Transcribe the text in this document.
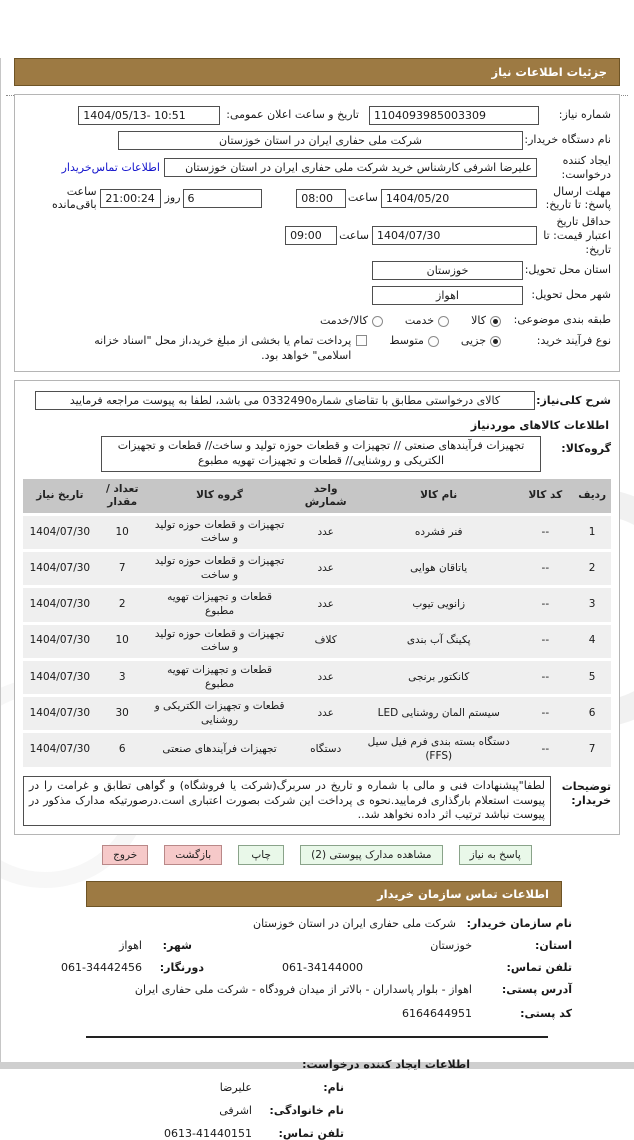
جزئیات اطلاعات نیاز
شماره نیاز:
1104093985003309
تاریخ و ساعت اعلان عمومی:
1404/05/13- 10:51
نام دستگاه خریدار:
شرکت ملی حفاری ایران در استان خوزستان
ایجاد کننده درخواست:
علیرضا اشرفی کارشناس خرید شرکت ملی حفاری ایران در استان خوزستان
اطلاعات تماس‌خریدار
مهلت ارسال پاسخ: تا تاریخ:
1404/05/20
ساعت
08:00
6
روز
21:00:24
ساعت باقی‌مانده
حداقل تاریخ اعتبار قیمت: تا تاریخ:
1404/07/30
ساعت
09:00
استان محل تحویل:
خوزستان
شهر محل تحویل:
اهواز
طبقه بندی موضوعی:
کالا
خدمت
کالا/خدمت
نوع فرآیند خرید:
جزیی
متوسط
پرداخت تمام یا بخشی از مبلغ خرید،از محل "اسناد خزانه اسلامی" خواهد بود.
شرح کلی‌نیاز:
کالای درخواستی مطابق با تقاضای شماره0332490 می باشد، لطفا به پیوست مراجعه فرمایید
اطلاعات کالاهای موردنیاز
گروه‌کالا:
تجهیزات فرآیندهای صنعتی // تجهیزات و قطعات حوزه تولید و ساخت// قطعات و تجهیزات الکتریکی و روشنایی// قطعات و تجهیزات تهویه مطبوع
ردیف	کد کالا	نام کالا	واحد شمارش	گروه کالا	تعداد / مقدار	تاریخ نیاز
1	--	فنر فشرده	عدد	تجهیزات و قطعات حوزه تولید و ساخت	10	1404/07/30
2	--	یاتاقان هوایی	عدد	تجهیزات و قطعات حوزه تولید و ساخت	7	1404/07/30
3	--	زانویی تیوب	عدد	قطعات و تجهیزات تهویه مطبوع	2	1404/07/30
4	--	پکینگ آب بندی	کلاف	تجهیزات و قطعات حوزه تولید و ساخت	10	1404/07/30
5	--	کانکتور برنجی	عدد	قطعات و تجهیزات تهویه مطبوع	3	1404/07/30
6	--	سیستم المان روشنایی LED	عدد	قطعات و تجهیزات الکتریکی و روشنایی	30	1404/07/30
7	--	دستگاه بسته بندی فرم فیل سیل (FFS)	دستگاه	تجهیزات فرآیندهای صنعتی	6	1404/07/30
توضیحات خریدار:
لطفا"پیشنهادات فنی و مالی با شماره و تاریخ در سربرگ(شرکت یا فروشگاه) و گواهی تطابق و غرامت را در پیوست استعلام بارگذاری فرمایید.نحوه ی پرداخت این شرکت بصورت اعتباری است.درصورتیکه مدارک مذکور در پیوست نباشد ترتیب اثر داده نخواهد شد..
پاسخ به نیاز
مشاهده مدارک پیوستی (2)
چاپ
بازگشت
خروج
اطلاعات تماس سازمان خریدار
نام سازمان خریدار:
شرکت ملی حفاری ایران در استان خوزستان
استان:
خوزستان
شهر:
اهواز
تلفن تماس:
061-34144000
دورنگار:
061-34442456
آدرس پستی:
اهواز - بلوار پاسداران - بالاتر از میدان فرودگاه - شرکت ملی حفاری ایران
کد پستی:
6164644951
اطلاعات ایجاد کننده درخواست:
نام:
علیرضا
نام خانوادگی:
اشرفی
تلفن تماس:
0613-41440151
